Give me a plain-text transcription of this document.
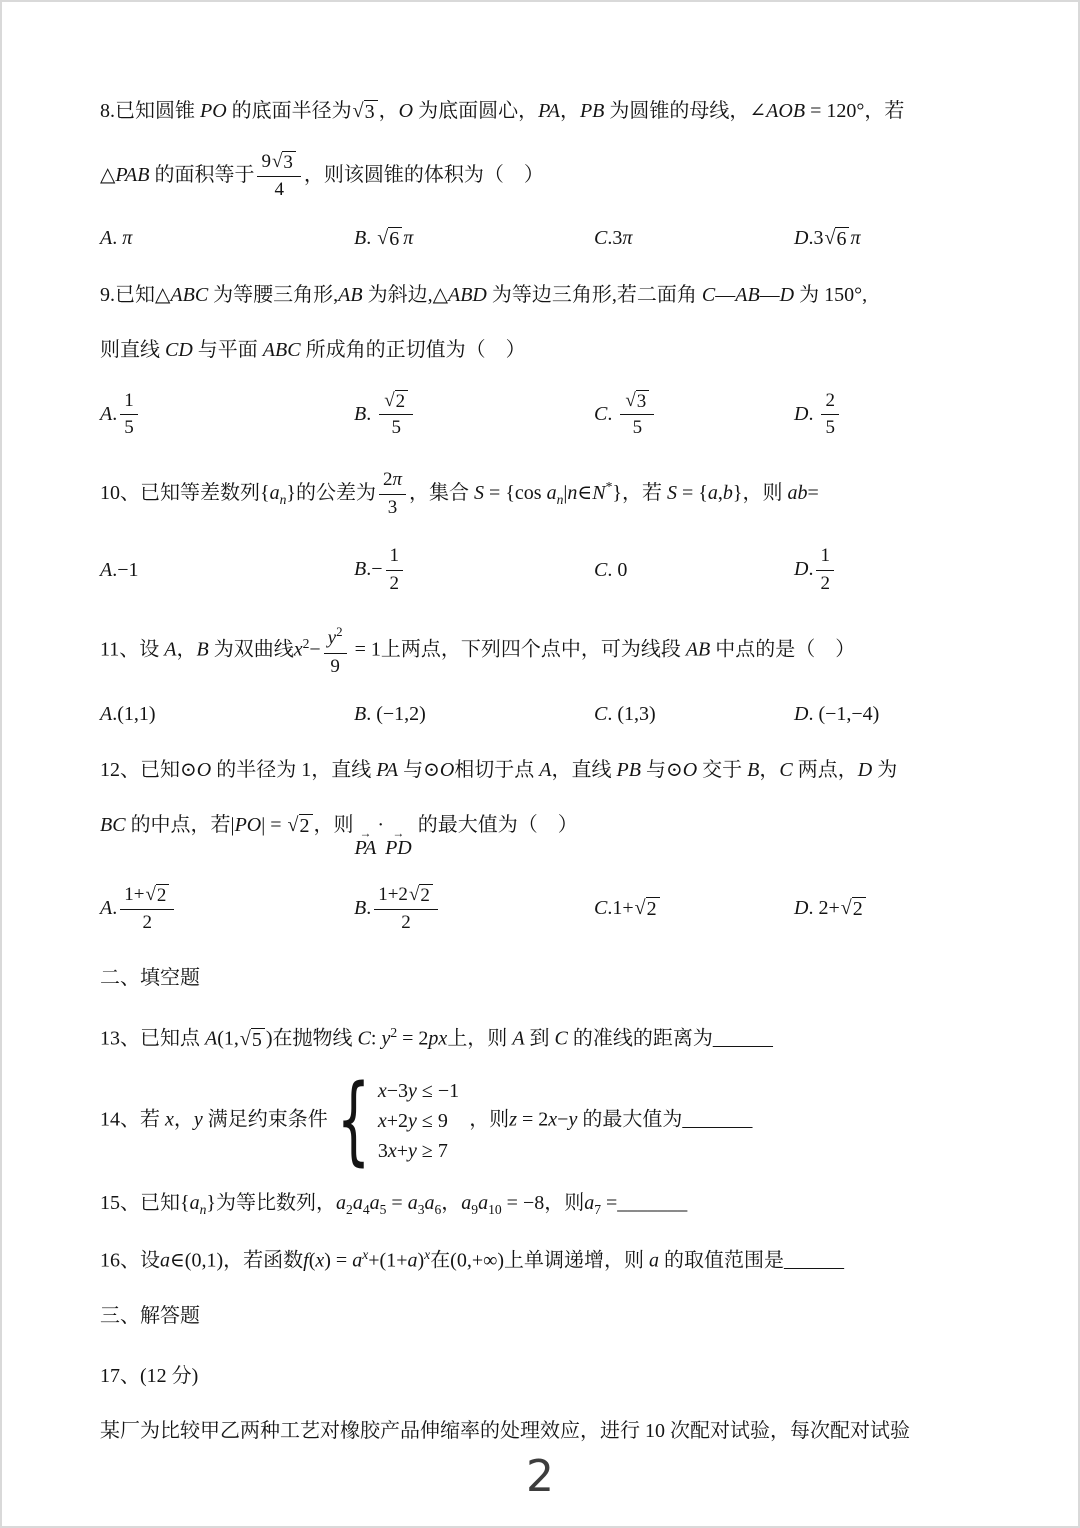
8.已知圆锥 PO 的底面半径为 √ 3 ，O 为底面圆心，PA，PB 为圆锥的母线，∠AOB = 120°，若
△PAB 的面积等于 $\frac{9 √ 3}{4}$ ，则该圆锥的体积为（　）
A. π	B. √ 6 π	C.3π	D.3 √ 6 π
9.已知△ABC 为等腰三角形,AB 为斜边,△ABD 为等边三角形,若二面角 C—AB—D 为 150°,
则直线 CD 与平面 ABC 所成角的正切值为（　）
A. $\frac{1}{5}$	B. $\frac{√ 2}{5}$	C. $\frac{√ 3}{5}$	D. $\frac{2}{5}$
10、已知等差数列$\{a_n\}$的公差为 $\frac{2\pi}{3}$ ，集合 S = {cos $a_n|n\in N^*$}，若 S = {a,b}，则 ab=
A.−1	$B.- \frac{1}{2}$	C. 0	D. $\frac{1}{2}$
11、设 A，B 为双曲线$x^2- \frac{y^2}{9} = 1$上两点，下列四个点中，可为线段 AB 中点的是（　）
A.(1,1)	B. (−1,2)	C. (1,3)	D. (−1,−4)
12、已知⊙O 的半径为 1，直线 PA 与⊙O相切于点 A，直线 PB 与⊙O 交于 B，C 两点，D 为
BC 的中点，若|PO| = √ 2 ，则 →
PA
· →
PD
的最大值为（　）
A. $\frac{1+ √ 2}{2}$	B. $\frac{1+2 √ 2}{2}$	C.1+ √ 2	D. 2+ √ 2
二、填空题
13、已知点 A(1, √ 5 )在抛物线 C: $y^2 = 2px$上，则 A 到 C 的准线的距离为______
14、若 x，y 满足约束条件 { x−3y ≤ −1
x+2y ≤ 9
3x+y ≥ 7
，则z = 2x−y 的最大值为_______
15、已知$\{a_n\}$为等比数列，$a_2a_4a_5 = a_3a_6$，$a_9a_{10} = -8$，则$a_7$ =_______
16、设a∈(0,1)，若函数$f(x) = a^x+(1+a)^x$在(0,+∞)上单调递增，则 a 的取值范围是______
三、解答题
17、(12 分)
某厂为比较甲乙两种工艺对橡胶产品伸缩率的处理效应，进行 10 次配对试验，每次配对试验
2
